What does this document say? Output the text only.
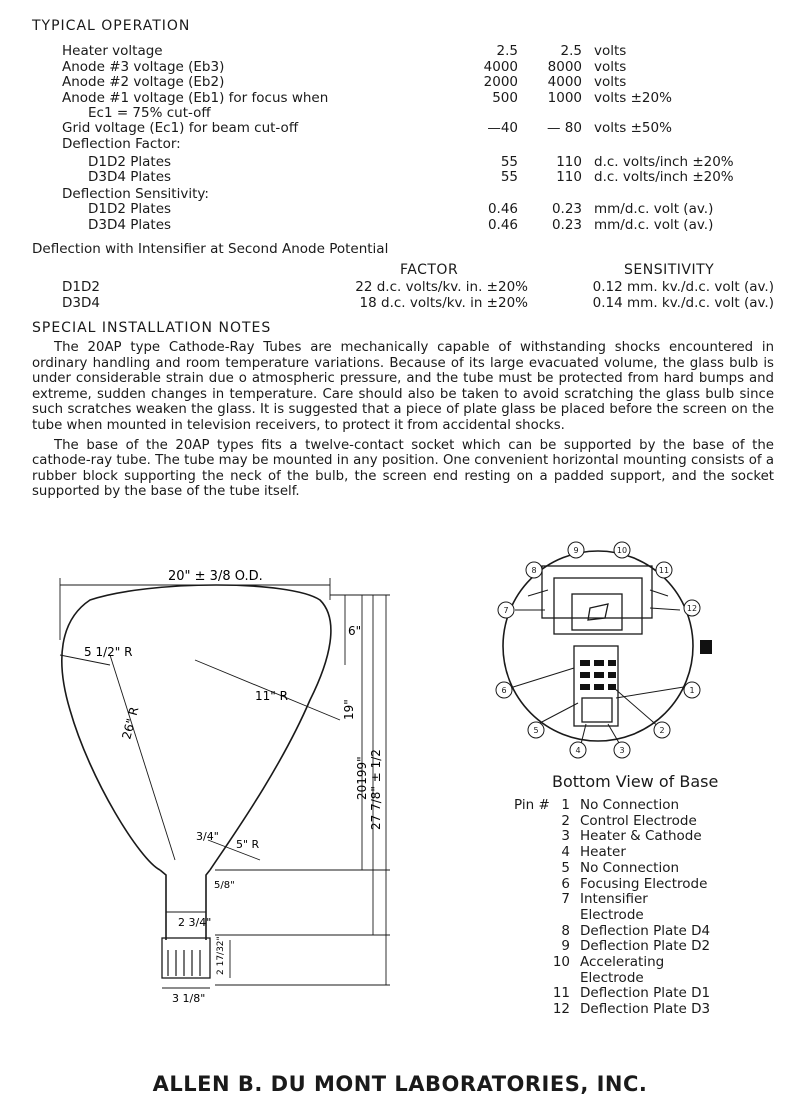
TYPICAL OPERATION
Heater voltage	2.5	2.5 volts
Anode #3 voltage (Eb3)	4000	8000 volts
Anode #2 voltage (Eb2)	2000	4000 volts
Anode #1 voltage (Eb1) for focus when	500	1000 volts ±20%
Ec1 = 75% cut-off
Grid voltage (Ec1) for beam cut-off	—40	— 80 volts ±50%
Deflection Factor:
D1D2 Plates	55	110 d.c. volts/inch ±20%
D3D4 Plates	55	110 d.c. volts/inch ±20%
Deflection Sensitivity:
D1D2 Plates	0.46	0.23 mm/d.c. volt (av.)
D3D4 Plates	0.46	0.23 mm/d.c. volt (av.)
Deflection with Intensifier at Second Anode Potential
FACTOR	SENSITIVITY
D1D2	22 d.c. volts/kv. in. ±20%	0.12 mm. kv./d.c. volt (av.)
D3D4	18 d.c. volts/kv. in ±20%	0.14 mm. kv./d.c. volt (av.)
SPECIAL INSTALLATION NOTES

The 20AP type Cathode-Ray Tubes are mechanically capable of withstanding shocks encountered in ordinary handling and room temperature variations. Because of its large evacuated volume, the glass bulb is under considerable strain due o atmospheric pressure, and the tube must be protected from hard bumps and extreme, sudden changes in temperature. Care should also be taken to avoid scratching the glass bulb since such scratches weaken the glass. It is suggested that a piece of plate glass be placed before the screen on the tube when mounted in television receivers, to protect it from accidental shocks.

The base of the 20AP types fits a twelve-contact socket which can be supported by the base of the cathode-ray tube. The tube may be mounted in any position. One convenient horizontal mounting consists of a rubber block supporting the neck of the bulb, the screen end resting on a padded support, and the socket supported by the base of the tube itself.

20" ± 3/8 O.D.
6"
5 1/2" R
11" R
26" R	19"
20199" 27 7/8" ± 1/2
3/4"
5" R
5/8"
2 3/4"
2 17/32"
3 1/8"
9	10
8	11
7	12
6	1
5	2
4	3
Bottom View of Base
Pin # 1 No Connection
2 Control Electrode
3 Heater & Cathode
4 Heater
5 No Connection
6 Focusing Electrode
7 Intensifier
Electrode
8 Deflection Plate D4
9 Deflection Plate D2
10 Accelerating
Electrode
11 Deflection Plate D1
12 Deflection Plate D3
ALLEN B. DU MONT LABORATORIES, INC.
